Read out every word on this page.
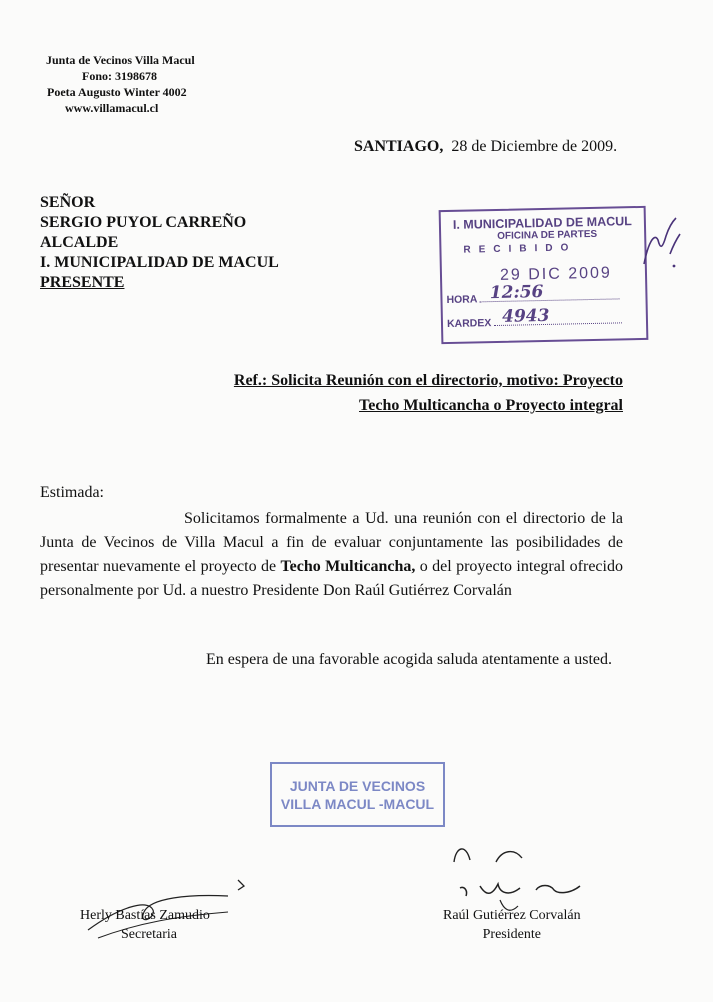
Junta de Vecinos Villa Macul
Fono: 3198678
Poeta Augusto Winter 4002
www.villamacul.cl
SANTIAGO, 28 de Diciembre de 2009.
SEÑOR
SERGIO PUYOL CARREÑO
ALCALDE
I. MUNICIPALIDAD DE MACUL
PRESENTE
I. MUNICIPALIDAD DE MACUL
OFICINA DE PARTES
RECIBIDO
29 DIC 2009
HORA 12:56
KARDEX 4943
Ref.: Solicita Reunión con el directorio, motivo: Proyecto
Techo Multicancha o Proyecto integral
Estimada:
Solicitamos formalmente a Ud. una reunión con el directorio de la Junta de Vecinos de Villa Macul a fin de evaluar conjuntamente las posibilidades de presentar nuevamente el proyecto de Techo Multicancha, o del proyecto integral ofrecido personalmente por Ud. a nuestro Presidente Don Raúl Gutiérrez Corvalán
En espera de una favorable acogida saluda atentamente a usted.
JUNTA DE VECINOS
VILLA MACUL -MACUL
Herly Bastías Zamudio
Secretaria
Raúl Gutiérrez Corvalán
Presidente
